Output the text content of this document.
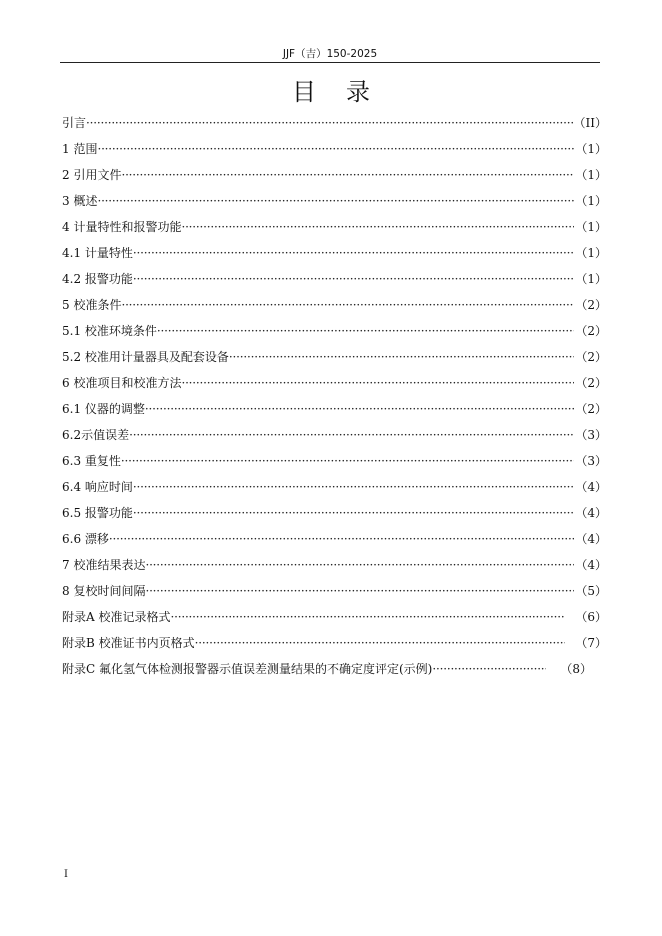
JJF（吉）150-2025
目录
引言 ·····	（II）
1 范围 ·····	（1）
2 引用文件 ·····	（1）
3 概述 ·····	（1）
4 计量特性和报警功能 ·····	（1）
4.1 计量特性 ·····	（1）
4.2 报警功能 ·····	（1）
5 校准条件 ·····	（2）
5.1 校准环境条件 ·····	（2）
5.2 校准用计量器具及配套设备 ·····	（2）
6 校准项目和校准方法 ·····	（2）
6.1 仪器的调整 ·····	（2）
6.2示值误差 ·····	（3）
6.3 重复性 ·····	（3）
6.4 响应时间 ·····	（4）
6.5 报警功能 ·····	（4）
6.6 漂移 ·····	（4）
7 校准结果表达 ·····	（4）
8 复校时间间隔 ·····	（5）
附录A 校准记录格式 ·····	（6）
附录B 校准证书内页格式 ·····	（7）
附录C 氟化氢气体检测报警器示值误差测量结果的不确定度评定(示例) ·····	（8）
I
